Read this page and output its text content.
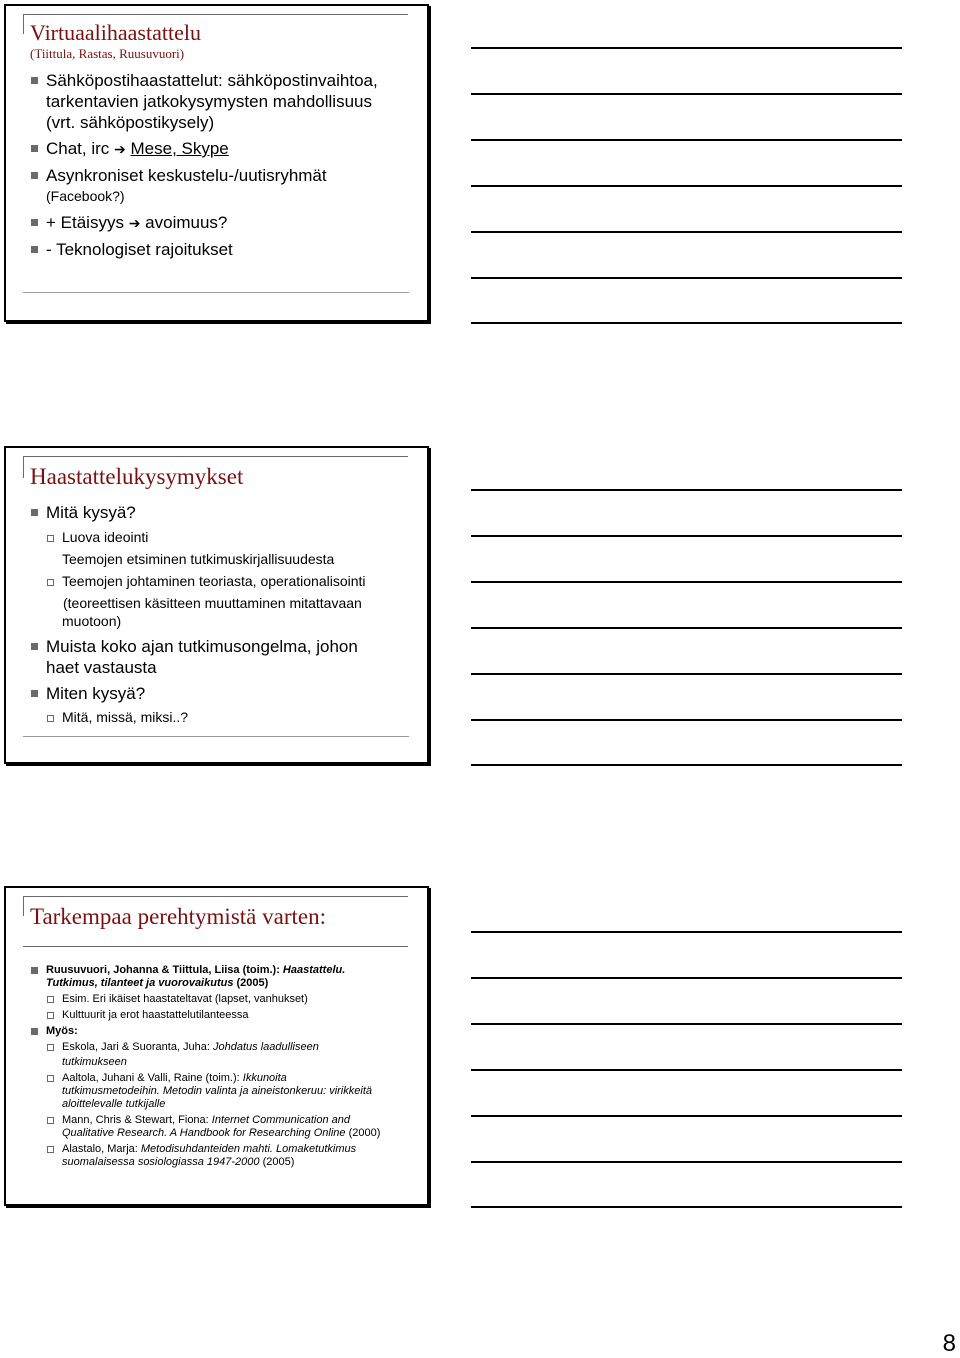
Virtuaalihaastattelu
(Tiittula, Rastas, Ruusuvuori)
Sähköpostihaastattelut: sähköpostinvaihtoa,
tarkentavien jatkokysymysten mahdollisuus
(vrt. sähköpostikysely)
Chat, irc ➔ Mese, Skype
Asynkroniset keskustelu-/uutisryhmät
(Facebook?)
+ Etäisyys ➔ avoimuus?
- Teknologiset rajoitukset
Haastattelukysymykset
Mitä kysyä?
Luova ideointi
Teemojen etsiminen tutkimuskirjallisuudesta
Teemojen johtaminen teoriasta, operationalisointi
(teoreettisen käsitteen muuttaminen mitattavaan
muotoon)
Muista koko ajan tutkimusongelma, johon
haet vastausta
Miten kysyä?
Mitä, missä, miksi..?
Tarkempaa perehtymistä varten:
Ruusuvuori, Johanna & Tiittula, Liisa (toim.): Haastattelu.
Tutkimus, tilanteet ja vuorovaikutus (2005)
Esim. Eri ikäiset haastateltavat (lapset, vanhukset)
Kulttuurit ja erot haastattelutilanteessa
Myös:
Eskola, Jari & Suoranta, Juha: Johdatus laadulliseen
tutkimukseen
Aaltola, Juhani & Valli, Raine (toim.): Ikkunoita
tutkimusmetodeihin. Metodin valinta ja aineistonkeruu: virikkeitä
aloittelevalle tutkijalle
Mann, Chris & Stewart, Fiona: Internet Communication and
Qualitative Research. A Handbook for Researching Online (2000)
Alastalo, Marja: Metodisuhdanteiden mahti. Lomaketutkimus
suomalaisessa sosiologiassa 1947-2000 (2005)
8
